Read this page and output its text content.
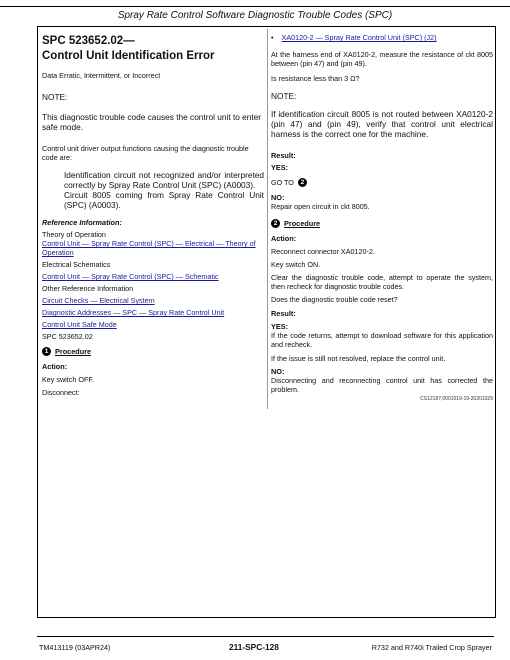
Spray Rate Control Software Diagnostic Trouble Codes (SPC)
SPC 523652.02—
Control Unit Identification Error

Data Erratic, Intermittent, or Incorrect

NOTE:

This diagnostic trouble code causes the control unit to enter safe mode.

Control unit driver output functions causing the diagnostic trouble code are:

Identification circuit not recognized and/or interpreted correctly by Spray Rate Control Unit (SPC) (A0003).

Circuit 8005 coming from Spray Rate Control Unit (SPC) (A0003).

Reference Information:

Theory of Operation

Control Unit — Spray Rate Control (SPC) — Electrical — Theory of Operation

Electrical Schematics

Control Unit — Spray Rate Control (SPC) — Schematic

Other Reference Information

Circuit Checks — Electrical System
Diagnostic Addresses — SPC — Spray Rate Control Unit
Control Unit Safe Mode

SPC 523652.02

1 Procedure
Action:

Key switch OFF.

Disconnect:

• XA0120-2 — Spray Rate Control Unit (SPC) (J2)

At the harness end of XA0120-2, measure the resistance of ckt 8005 between (pin 47) and (pin 49).

Is resistance less than 3 Ω?

NOTE:

If identification circuit 8005 is not routed between XA0120-2 (pin 47) and (pin 49), verify that control unit electrical harness is the correct one for the machine.

Result:
YES:
GO TO	2
NO:

Repair open circuit in ckt 8005.

2 Procedure
Action:

Reconnect connector XA0120-2.

Key switch ON.

Clear the diagnostic trouble code, attempt to operate the system, then recheck for diagnostic trouble codes.

Does the diagnostic trouble code reset?

Result:
YES:

If the code returns, attempt to download software for this application and recheck.

If the issue is still not resolved, replace the control unit.

NO:

Disconnecting and reconnecting control unit has corrected the problem.

CS12187,0001019-19-20201029
TM413119 (03APR24)	211-SPC-128	R732 and R740i Trailed Crop Sprayer
